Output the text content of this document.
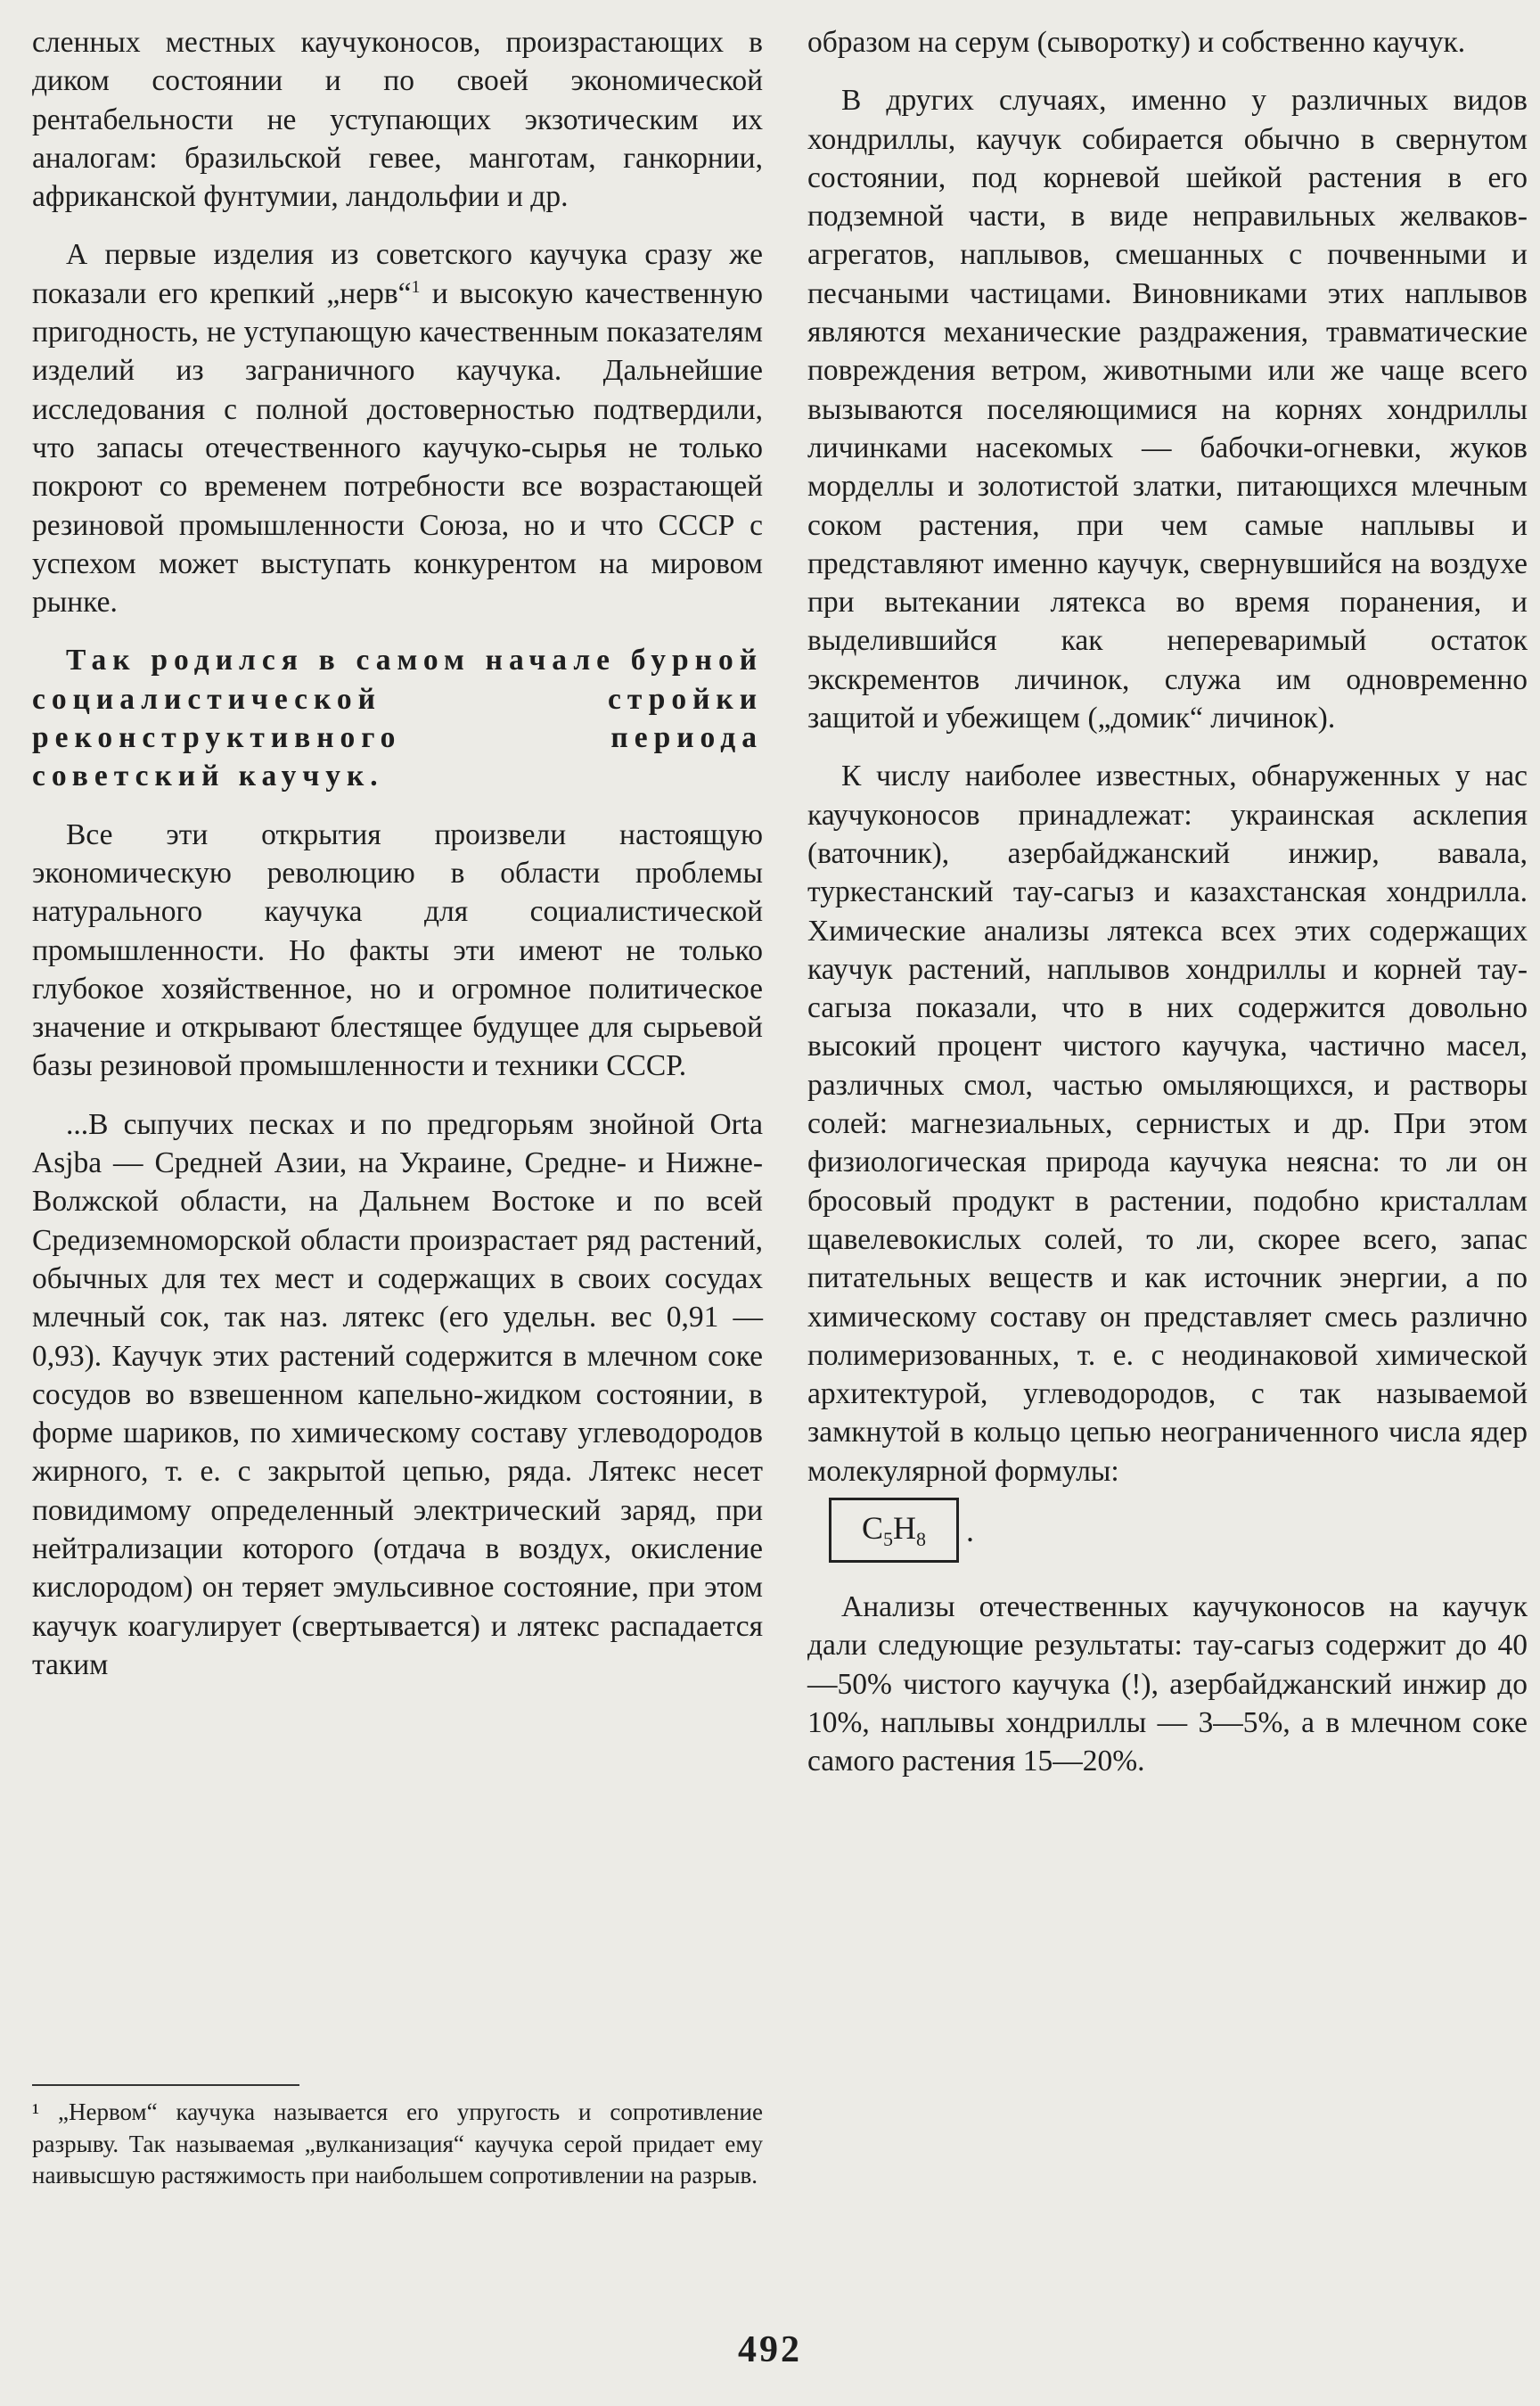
сленных местных каучуконосов, произрастающих в диком состоянии и по своей экономической рентабельности не уступающих экзотическим их аналогам: бразильской гевее, манготам, ганкорнии, африканской фунтумии, ландольфии и др.

А первые изделия из советского каучука сразу же показали его крепкий „нерв“$^1$ и высокую качественную пригодность, не уступающую качественным показателям изделий из заграничного каучука. Дальнейшие исследования с полной достоверностью подтвердили, что запасы отечественного каучуко-сырья не только покроют со временем потребности все возрастающей резиновой промышленности Союза, но и что СССР с успехом может выступать конкурентом на мировом рынке.

Так родился в самом начале бурной социалистической стройки реконструктивного периода советский каучук.

Все эти открытия произвели настоящую экономическую революцию в области проблемы натурального каучука для социалистической промышленности. Но факты эти имеют не только глубокое хозяйственное, но и огромное политическое значение и открывают блестящее будущее для сырьевой базы резиновой промышленности и техники СССР.

...В сыпучих песках и по предгорьям знойной Orta Asjba — Средней Азии, на Украине, Средне- и Нижне-Волжской области, на Дальнем Востоке и по всей Средиземноморской области произрастает ряд растений, обычных для тех мест и содержащих в своих сосудах млечный сок, так наз. лятекс (его удельн. вес 0,91 — 0,93). Каучук этих растений содержится в млечном соке сосудов во взвешенном капельно-жидком состоянии, в форме шариков, по химическому составу углеводородов жирного, т. е. с закрытой цепью, ряда. Лятекс несет повидимому определенный электрический заряд, при нейтрализации которого (отдача в воздух, окисление кислородом) он теряет эмульсивное состояние, при этом каучук коагулирует (свертывается) и лятекс распадается таким

¹ „Нервом“ каучука называется его упругость и сопротивление разрыву. Так называемая „вулканизация“ каучука серой придает ему наивысшую растяжимость при наибольшем сопротивлении на разрыв.

образом на серум (сыворотку) и собственно каучук.

В других случаях, именно у различных видов хондриллы, каучук собирается обычно в свернутом состоянии, под корневой шейкой растения в его подземной части, в виде неправильных желваков-агрегатов, наплывов, смешанных с почвенными и песчаными частицами. Виновниками этих наплывов являются механические раздражения, травматические повреждения ветром, животными или же чаще всего вызываются поселяющимися на корнях хондриллы личинками насекомых — бабочки-огневки, жуков морделлы и золотистой златки, питающихся млечным соком растения, при чем самые наплывы и представляют именно каучук, свернувшийся на воздухе при вытекании лятекса во время поранения, и выделившийся как непереваримый остаток экскрементов личинок, служа им одновременно защитой и убежищем („домик“ личинок).

К числу наиболее известных, обнаруженных у нас каучуконосов принадлежат: украинская асклепия (ваточник), азербайджанский инжир, вавала, туркестанский тау-сагыз и казахстанская хондрилла. Химические анализы лятекса всех этих содержащих каучук растений, наплывов хондриллы и корней тау-сагыза показали, что в них содержится довольно высокий процент чистого каучука, частично масел, различных смол, частью омыляющихся, и растворы солей: магнезиальных, сернистых и др. При этом физиологическая природа каучука неясна: то ли он бросовый продукт в растении, подобно кристаллам щавелевокислых солей, то ли, скорее всего, запас питательных веществ и как источник энергии, а по химическому составу он представляет смесь различно полимеризованных, т. е. с неодинаковой химической архитектурой, углеводородов, с так называемой замкнутой в кольцо цепью неограниченного числа ядер молекулярной формулы:

$C_5H_8$	.

Анализы отечественных каучуконосов на каучук дали следующие результаты: тау-сагыз содержит до 40—50% чистого каучука (!), азербайджанский инжир до 10%, наплывы хондриллы — 3—5%, а в млечном соке самого растения 15—20%.

492
